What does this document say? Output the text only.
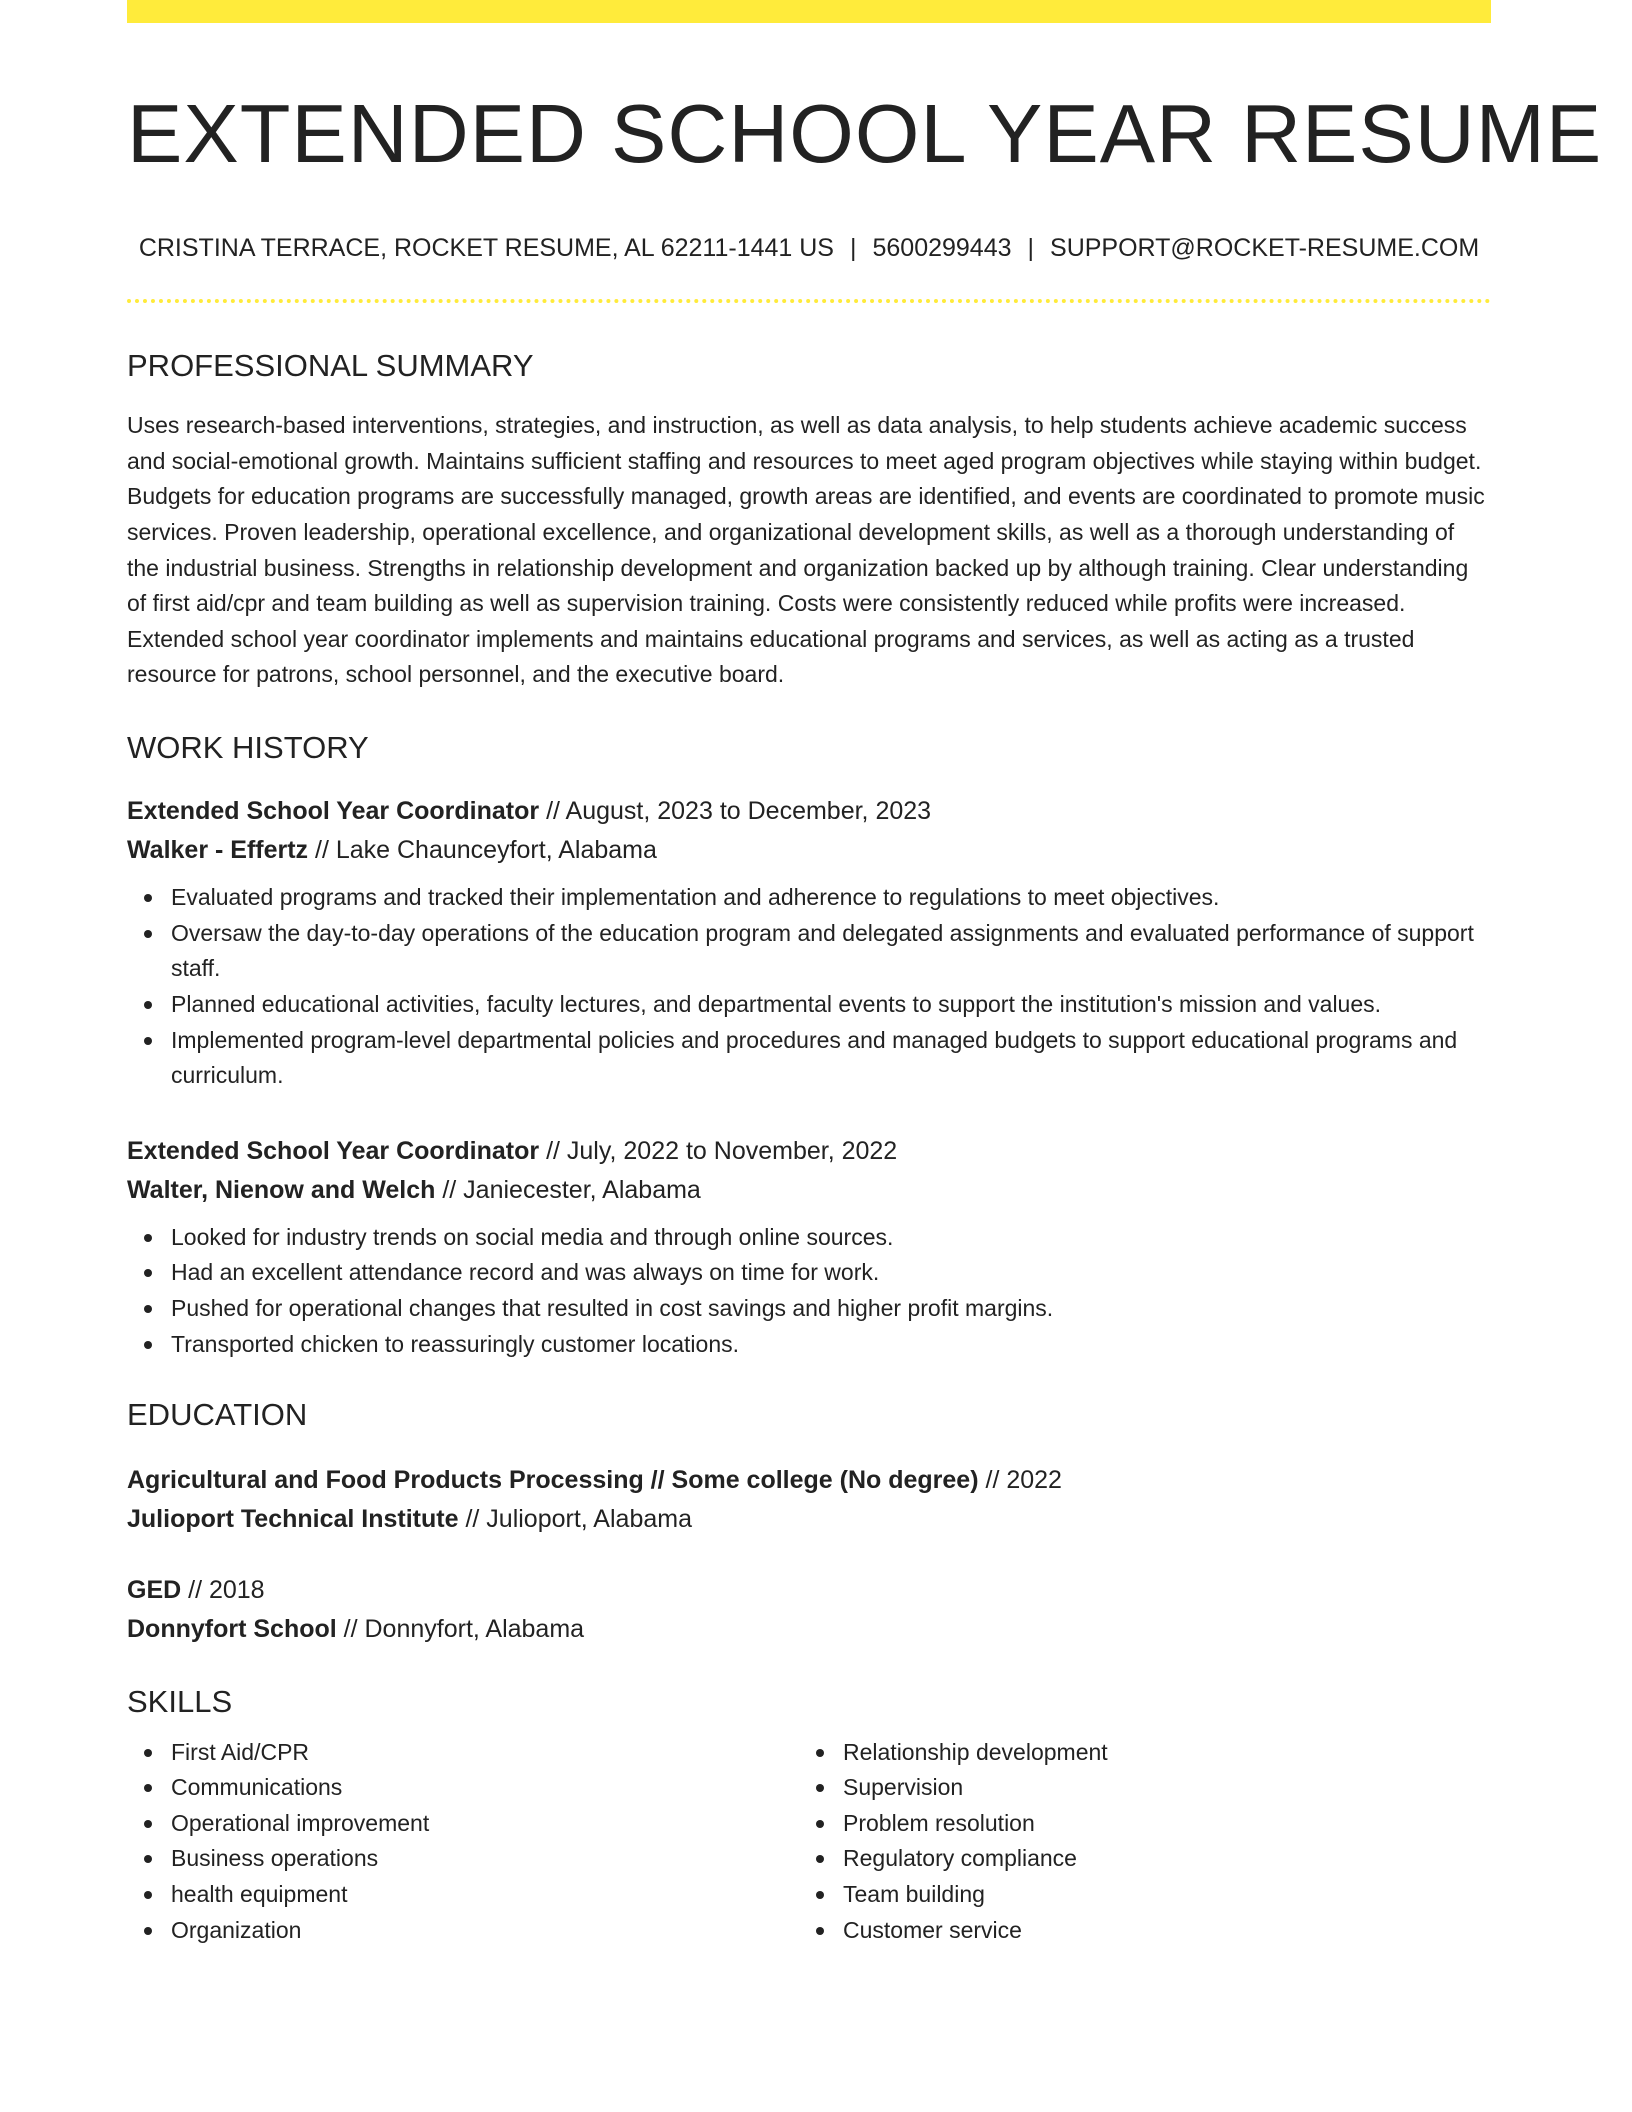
EXTENDED SCHOOL YEAR RESUME
CRISTINA TERRACE, ROCKET RESUME, AL 62211-1441 US | 5600299443 | SUPPORT@ROCKET-RESUME.COM
PROFESSIONAL SUMMARY

Uses research-based interventions, strategies, and instruction, as well as data analysis, to help students achieve academic success and social-emotional growth. Maintains sufficient staffing and resources to meet aged program objectives while staying within budget. Budgets for education programs are successfully managed, growth areas are identified, and events are coordinated to promote music services. Proven leadership, operational excellence, and organizational development skills, as well as a thorough understanding of the industrial business. Strengths in relationship development and organization backed up by although training. Clear understanding of first aid/cpr and team building as well as supervision training. Costs were consistently reduced while profits were increased. Extended school year coordinator implements and maintains educational programs and services, as well as acting as a trusted resource for patrons, school personnel, and the executive board.

WORK HISTORY
Extended School Year Coordinator // August, 2023 to December, 2023
Walker - Effertz // Lake Chaunceyfort, Alabama
Evaluated programs and tracked their implementation and adherence to regulations to meet objectives.
Oversaw the day-to-day operations of the education program and delegated assignments and evaluated performance of support staff.
Planned educational activities, faculty lectures, and departmental events to support the institution's mission and values.
Implemented program-level departmental policies and procedures and managed budgets to support educational programs and curriculum.
Extended School Year Coordinator // July, 2022 to November, 2022
Walter, Nienow and Welch // Janiecester, Alabama
Looked for industry trends on social media and through online sources.
Had an excellent attendance record and was always on time for work.
Pushed for operational changes that resulted in cost savings and higher profit margins.
Transported chicken to reassuringly customer locations.
EDUCATION
Agricultural and Food Products Processing // Some college (No degree) // 2022
Julioport Technical Institute // Julioport, Alabama
GED // 2018
Donnyfort School // Donnyfort, Alabama
SKILLS
First Aid/CPR
Communications
Operational improvement
Business operations
health equipment
Organization
Relationship development
Supervision
Problem resolution
Regulatory compliance
Team building
Customer service
